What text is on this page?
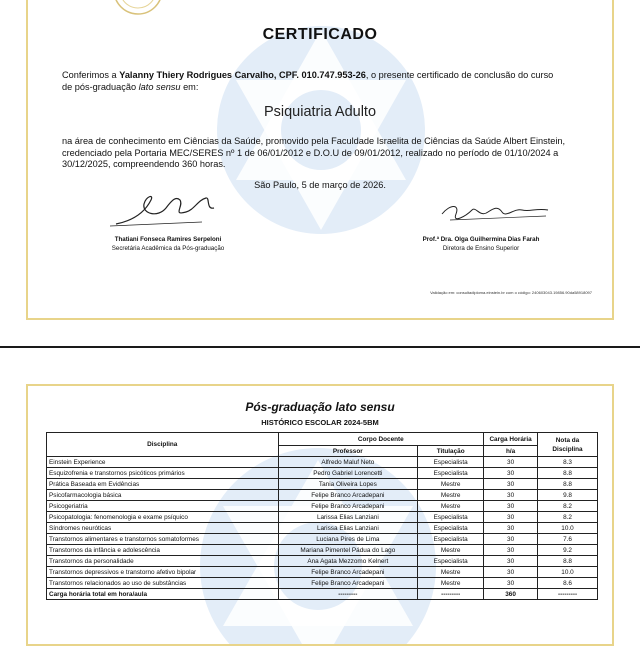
CERTIFICADO
Conferimos a Yalanny Thiery Rodrigues Carvalho, CPF. 010.747.953-26, o presente certificado de conclusão do curso
de pós-graduação lato sensu em:
Psiquiatria Adulto
na área de conhecimento em Ciências da Saúde, promovido pela Faculdade Israelita de Ciências da Saúde Albert Einstein, credenciado pela Portaria MEC/SERES nº 1 de 06/01/2012 e D.O.U de 09/01/2012, realizado no período de 01/10/2024 a 30/12/2025, compreendendo 360 horas.
São Paulo, 5 de março de 2026.
Thatiani Fonseca Ramires Serpeloni
Secretária Acadêmica da Pós-graduação
Prof.ª Dra. Olga Guilhermina Dias Farah
Diretora de Ensino Superior
Validação em: consultadiploma.einstein.br com o código: 240603043.19856.90da58918097
Pós-graduação lato sensu
HISTÓRICO ESCOLAR 2024-5BM
Disciplina	Corpo Docente		Carga Horária	Nota da Disciplina
	Professor	Titulação	h/a	
Einstein Experience	Alfredo Maluf Neto	Especialista	30	8.3
Esquizofrenia e transtornos psicóticos primários	Pedro Gabriel Lorencetti	Especialista	30	8.8
Prática Baseada em Evidências	Tania Oliveira Lopes	Mestre	30	8.8
Psicofarmacologia básica	Felipe Branco Arcadepani	Mestre	30	9.8
Psicogeriatria	Felipe Branco Arcadepani	Mestre	30	8.2
Psicopatologia: fenomenologia e exame psíquico	Larissa Elias Lanziani	Especialista	30	8.2
Síndromes neuróticas	Larissa Elias Lanziani	Especialista	30	10.0
Transtornos alimentares e transtornos somatoformes	Luciana Pires de Lima	Especialista	30	7.6
Transtornos da infância e adolescência	Mariana Pimentel Pádua do Lago	Mestre	30	9.2
Transtornos da personalidade	Ana Agata Mezzomo Kelnert	Especialista	30	8.8
Transtornos depressivos e transtorno afetivo bipolar	Felipe Branco Arcadepani	Mestre	30	10.0
Transtornos relacionados ao uso de substâncias	Felipe Branco Arcadepani	Mestre	30	8.6
Carga horária total em hora/aula	---------	---------	360	---------
